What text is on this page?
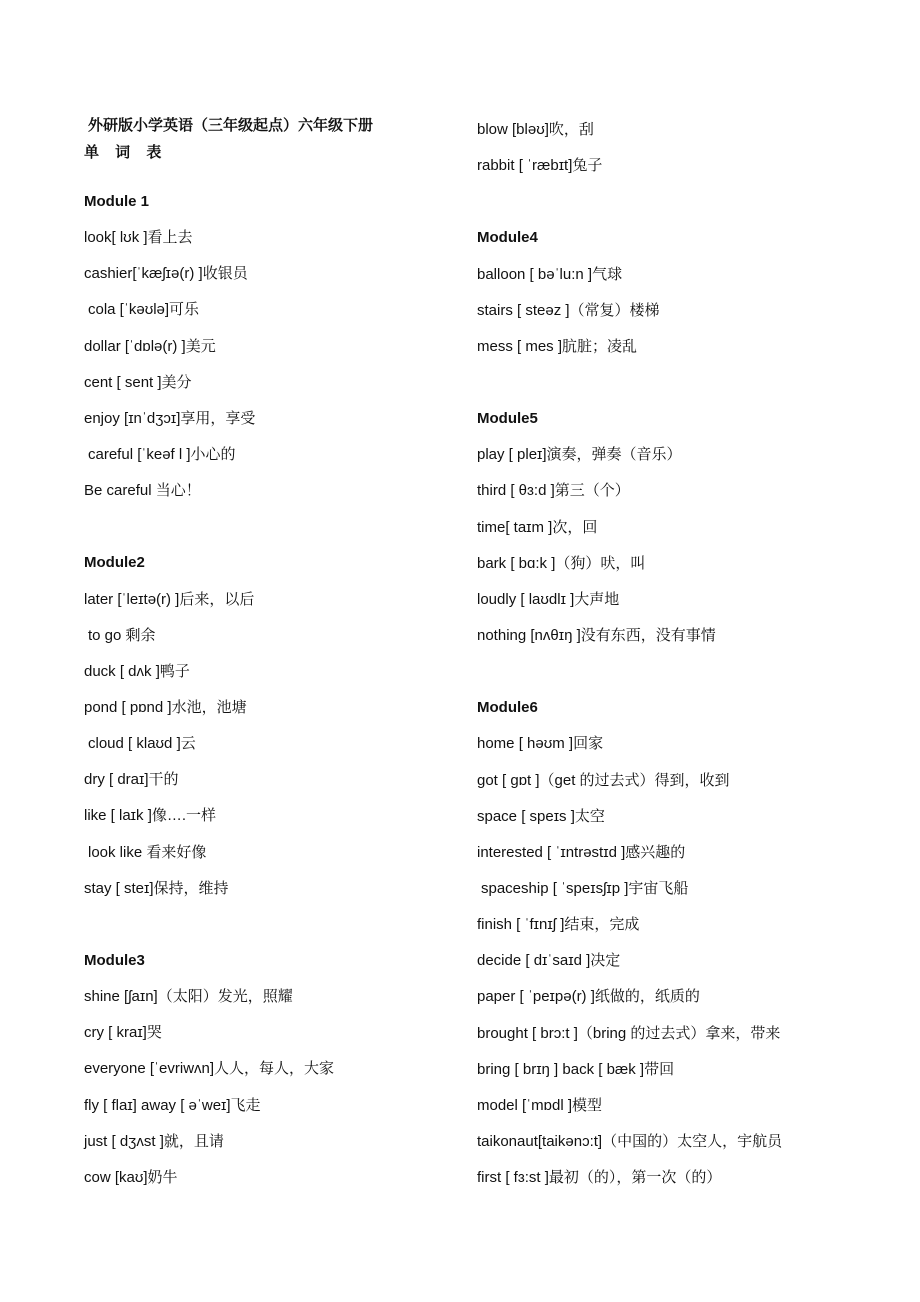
外研版小学英语（三年级起点）六年级下册
单 词 表
Module 1
look[ lʊk ]看上去
cashier[ˈkæʃɪə(r) ]收银员
cola [ˈkəʊlə]可乐
dollar [ˈdɒlə(r) ]美元
cent [ sent ]美分
enjoy [ɪnˈdʒɔɪ]享用，享受
careful [ˈkeəf l ]小心的
Be careful 当心！
Module2
later [ˈleɪtə(r) ]后来，以后
to go 剩余
duck [ dʌk ]鸭子
pond [ pɒnd ]水池，池塘
cloud [ klaʊd ]云
dry [ draɪ]干的
like [ laɪk ]像….一样
look like 看来好像
stay [ steɪ]保持，维持
Module3
shine [ʃaɪn]（太阳）发光，照耀
cry [ kraɪ]哭
everyone [ˈevriwʌn]人人，每人，大家
fly [ flaɪ] away [ əˈweɪ]飞走
just [ dʒʌst ]就，且请
cow [kaʊ]奶牛
blow [bləʊ]吹，刮
rabbit [ ˈræbɪt]兔子
Module4
balloon [ bəˈlu:n ]气球
stairs [ steəz ]（常复）楼梯
mess [ mes ]肮脏；凌乱
Module5
play [ pleɪ]演奏，弹奏（音乐）
third [ θɜ:d ]第三（个）
time[ taɪm ]次，回
bark [ bɑ:k ]（狗）吠，叫
loudly [ laʊdlɪ ]大声地
nothing [nʌθɪŋ ]没有东西，没有事情
Module6
home [ həʊm ]回家
got [ gɒt ]（get 的过去式）得到，收到
space [ speɪs ]太空
interested [ ˈɪntrəstɪd ]感兴趣的
spaceship [ ˈspeɪsʃɪp ]宇宙飞船
finish [ ˈfɪnɪʃ ]结束，完成
decide [ dɪˈsaɪd ]决定
paper [ ˈpeɪpə(r) ]纸做的，纸质的
brought [ brɔ:t ]（bring 的过去式）拿来，带来
bring [ brɪŋ ] back [ bæk ]带回
model [ˈmɒdl ]模型
taikonaut[taikənɔ:t]（中国的）太空人，宇航员
first [ fɜ:st ]最初（的），第一次（的）
